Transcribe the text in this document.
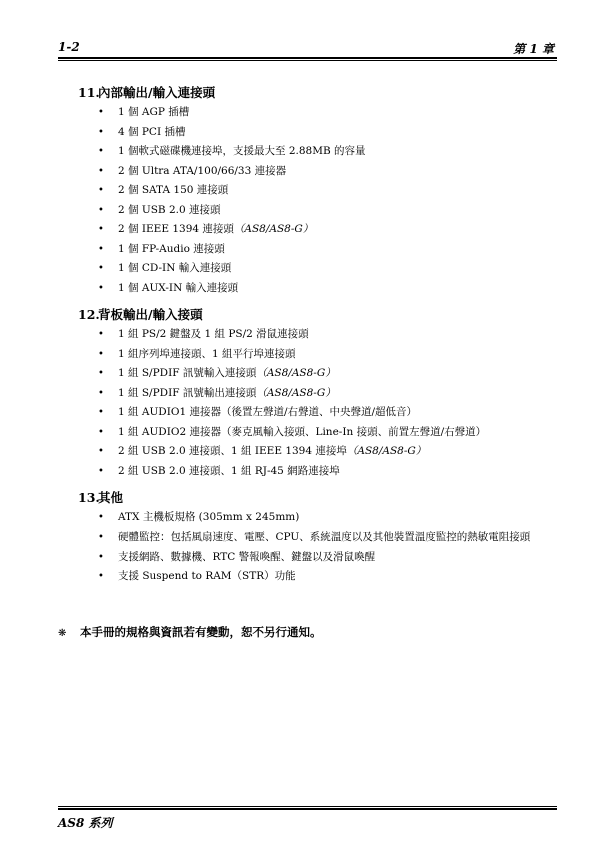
1-2	第 1 章
11.內部輸出/輸入連接頭
• 1 個 AGP 插槽
• 4 個 PCI 插槽
• 1 個軟式磁碟機連接埠，支援最大至 2.88MB 的容量
• 2 個 Ultra ATA/100/66/33 連接器
• 2 個 SATA 150 連接頭
• 2 個 USB 2.0 連接頭
• 2 個 IEEE 1394 連接頭（AS8/AS8-G）
• 1 個 FP-Audio 連接頭
• 1 個 CD-IN 輸入連接頭
• 1 個 AUX-IN 輸入連接頭
12.背板輸出/輸入接頭
• 1 組 PS/2 鍵盤及 1 組 PS/2 滑鼠連接頭
• 1 組序列埠連接頭、1 組平行埠連接頭
• 1 組 S/PDIF 訊號輸入連接頭（AS8/AS8-G）
• 1 組 S/PDIF 訊號輸出連接頭（AS8/AS8-G）
• 1 組 AUDIO1 連接器（後置左聲道/右聲道、中央聲道/超低音）
• 1 組 AUDIO2 連接器（麥克風輸入接頭、Line-In 接頭、前置左聲道/右聲道）
• 2 組 USB 2.0 連接頭、1 組 IEEE 1394 連接埠（AS8/AS8-G）
• 2 組 USB 2.0 連接頭、1 組 RJ-45 網路連接埠
13.其他
• ATX 主機板規格 (305mm x 245mm)
• 硬體監控：包括風扇速度、電壓、CPU、系統溫度以及其他裝置溫度監控的熱敏電阻接頭
• 支援網路、數據機、RTC 警報喚醒、鍵盤以及滑鼠喚醒
• 支援 Suspend to RAM（STR）功能
❋ 本手冊的規格與資訊若有變動，恕不另行通知。
AS8 系列
